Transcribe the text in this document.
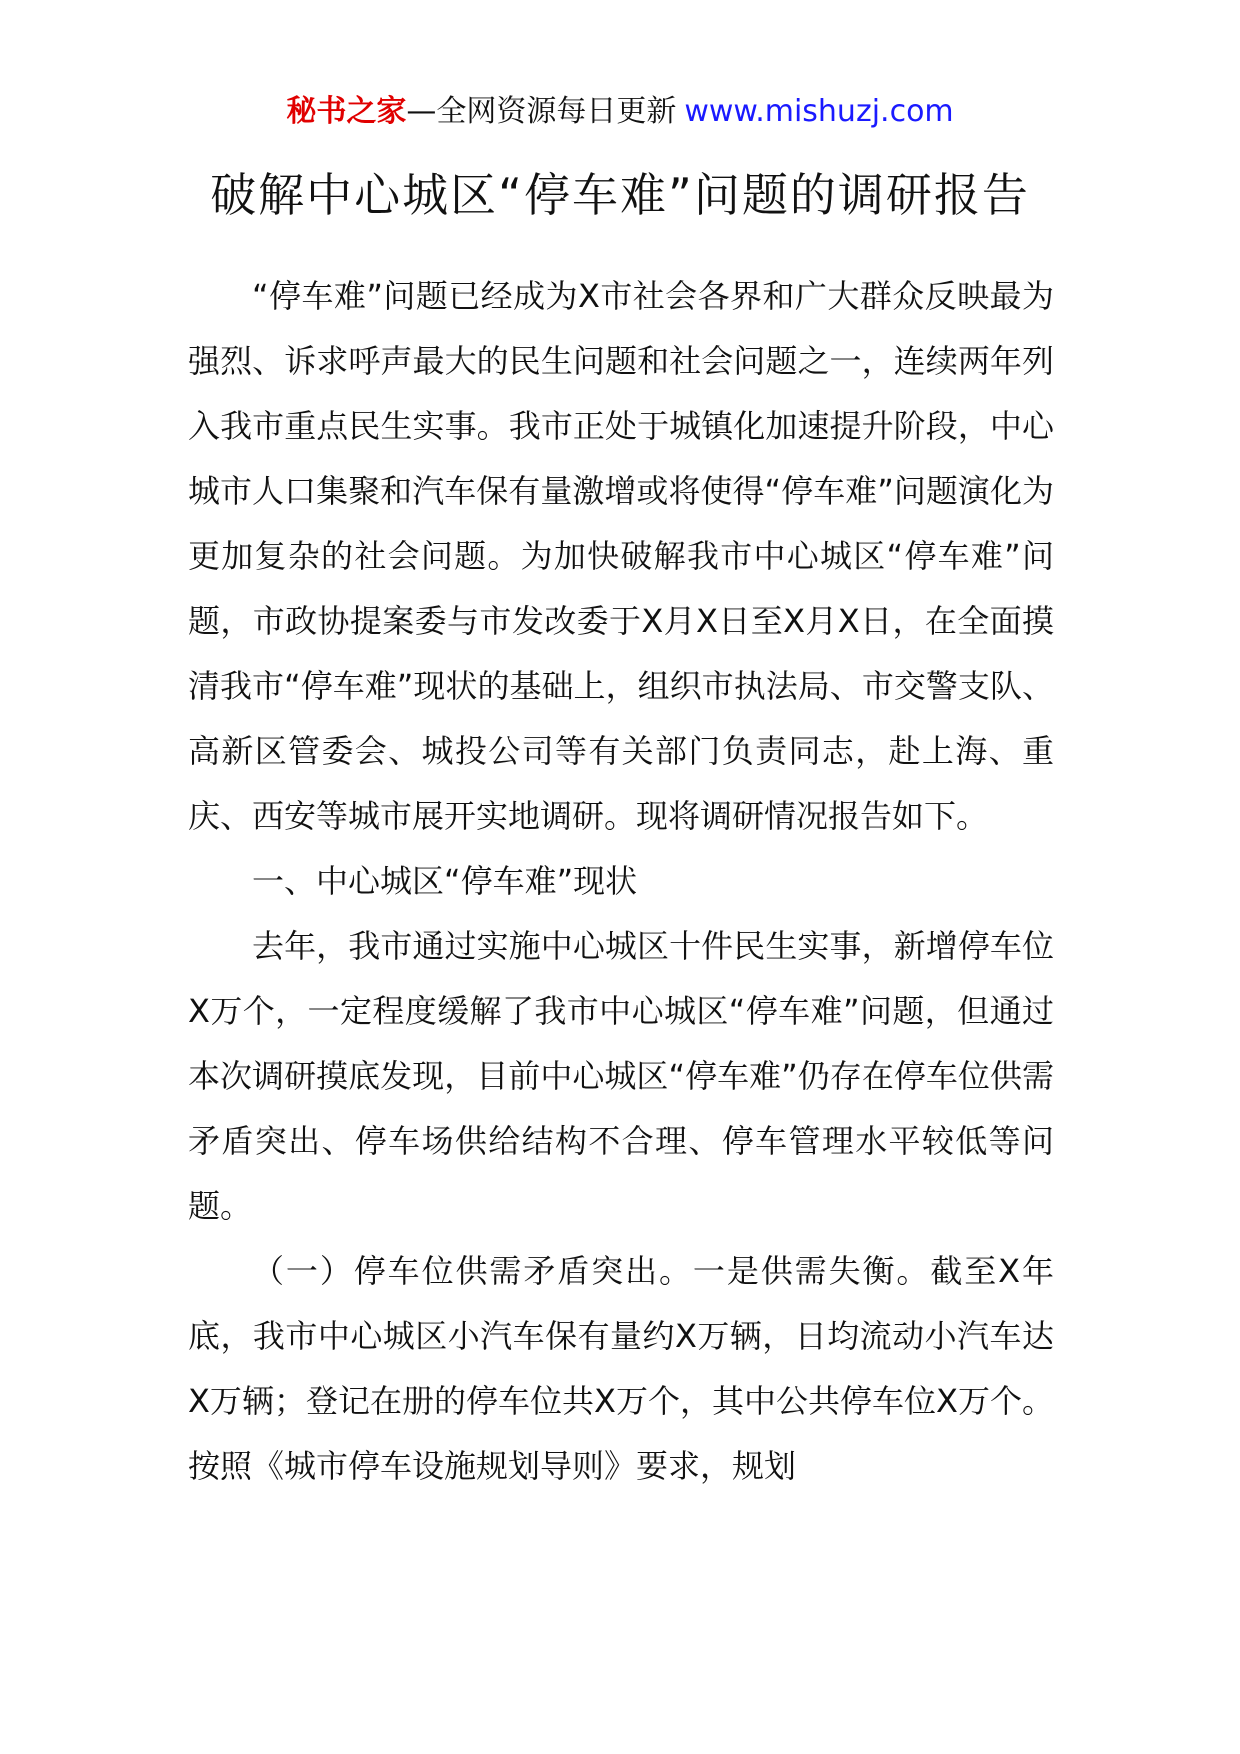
秘书之家—全网资源每日更新 www.mishuzj.com
破解中心城区“停车难”问题的调研报告

“停车难”问题已经成为X市社会各界和广大群众反映最为强烈、诉求呼声最大的民生问题和社会问题之一，连续两年列入我市重点民生实事。我市正处于城镇化加速提升阶段，中心城市人口集聚和汽车保有量激增或将使得“停车难”问题演化为更加复杂的社会问题。为加快破解我市中心城区“停车难”问题，市政协提案委与市发改委于X月X日至X月X日，在全面摸清我市“停车难”现状的基础上，组织市执法局、市交警支队、高新区管委会、城投公司等有关部门负责同志，赴上海、重庆、西安等城市展开实地调研。现将调研情况报告如下。

一、中心城区“停车难”现状

去年，我市通过实施中心城区十件民生实事，新增停车位X万个，一定程度缓解了我市中心城区“停车难”问题，但通过本次调研摸底发现，目前中心城区“停车难”仍存在停车位供需矛盾突出、停车场供给结构不合理、停车管理水平较低等问题。

（一）停车位供需矛盾突出。一是供需失衡。截至X年底，我市中心城区小汽车保有量约X万辆，日均流动小汽车达X万辆；登记在册的停车位共X万个，其中公共停车位X万个。按照《城市停车设施规划导则》要求，规划
